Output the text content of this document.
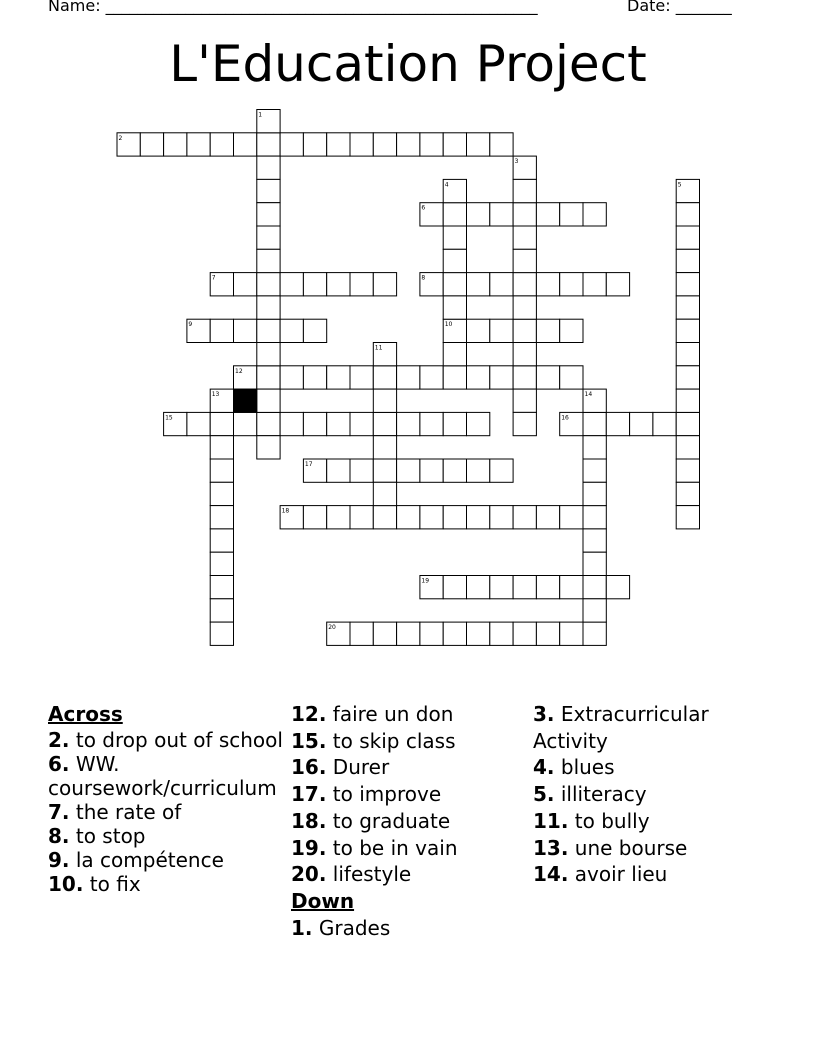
Name: ______________________________________________________	Date: _______
L'Education Project
2
6
7	8
9	10
12
15	16
17
18
19
20
1
3
4	5
11
13	14
Across
2. to drop out of school
6. WW. coursework/curriculum
7. the rate of
8. to stop
9. la compétence
10. to fix
12. faire un don
15. to skip class
16. Durer
17. to improve
18. to graduate
19. to be in vain
20. lifestyle
Down
1. Grades
3. Extracurricular Activity
4. blues
5. illiteracy
11. to bully
13. une bourse
14. avoir lieu
